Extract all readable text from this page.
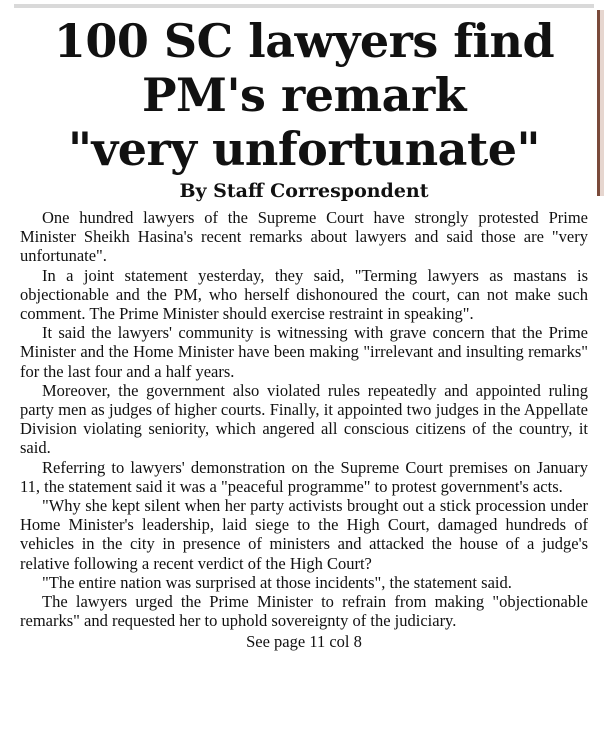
100 SC lawyers find
PM's remark
"very unfortunate"
By Staff Correspondent

One hundred lawyers of the Supreme Court have strongly protested Prime Minister Sheikh Hasina's recent remarks about lawyers and said those are "very unfortunate".

In a joint statement yesterday, they said, "Terming lawyers as mastans is objectionable and the PM, who herself dishonoured the court, can not make such comment. The Prime Minister should exercise restraint in speaking".

It said the lawyers' community is witnessing with grave concern that the Prime Minister and the Home Minister have been making "irrelevant and insulting remarks" for the last four and a half years.

Moreover, the government also violated rules repeatedly and appointed ruling party men as judges of higher courts. Finally, it appointed two judges in the Appellate Division violating seniority, which angered all conscious citizens of the country, it said.

Referring to lawyers' demonstration on the Supreme Court premises on January 11, the statement said it was a "peaceful programme" to protest government's acts.

"Why she kept silent when her party activists brought out a stick procession under Home Minister's leadership, laid siege to the High Court, damaged hundreds of vehicles in the city in presence of ministers and attacked the house of a judge's relative following a recent verdict of the High Court?

"The entire nation was surprised at those incidents", the statement said.

The lawyers urged the Prime Minister to refrain from making "objectionable remarks" and requested her to uphold sovereignty of the judiciary.

See page 11 col 8
